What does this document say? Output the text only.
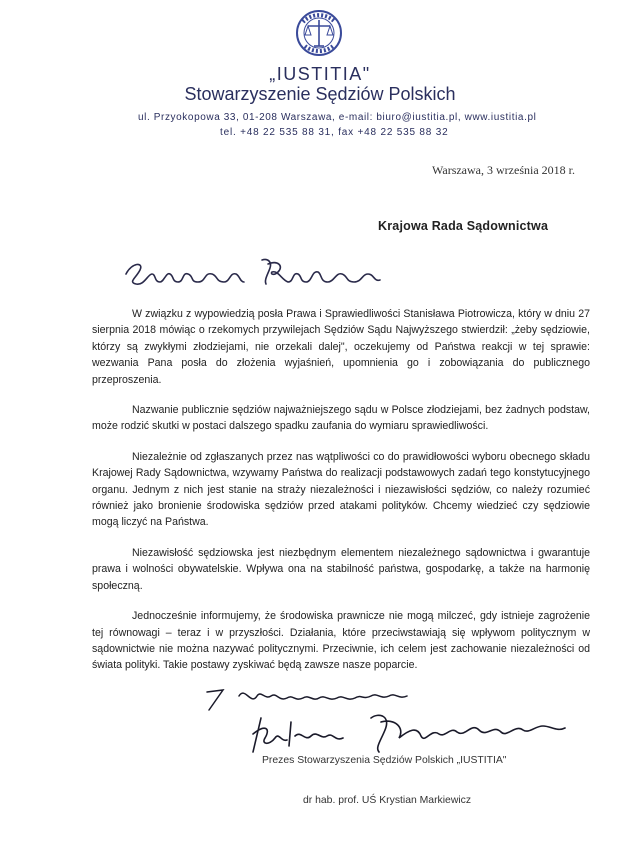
„IUSTITIA"
Stowarzyszenie Sędziów Polskich
ul. Przyokopowa 33, 01-208 Warszawa, e-mail: biuro@iustitia.pl, www.iustitia.pl
tel. +48 22 535 88 31, fax +48 22 535 88 32
Warszawa, 3 września 2018 r.
Krajowa Rada Sądownictwa

W związku z wypowiedzią posła Prawa i Sprawiedliwości Stanisława Piotrowicza, który w dniu 27 sierpnia 2018 mówiąc o rzekomych przywilejach Sędziów Sądu Najwyższego stwierdził: „żeby sędziowie, którzy są zwykłymi złodziejami, nie orzekali dalej", oczekujemy od Państwa reakcji w tej sprawie: wezwania Pana posła do złożenia wyjaśnień, upomnienia go i zobowiązania do publicznego przeproszenia.

Nazwanie publicznie sędziów najważniejszego sądu w Polsce złodziejami, bez żadnych podstaw, może rodzić skutki w postaci dalszego spadku zaufania do wymiaru sprawiedliwości.

Niezależnie od zgłaszanych przez nas wątpliwości co do prawidłowości wyboru obecnego składu Krajowej Rady Sądownictwa, wzywamy Państwa do realizacji podstawowych zadań tego konstytucyjnego organu. Jednym z nich jest stanie na straży niezależności i niezawisłości sędziów, co należy rozumieć również jako bronienie środowiska sędziów przed atakami polityków. Chcemy wiedzieć czy sędziowie mogą liczyć na Państwa.

Niezawisłość sędziowska jest niezbędnym elementem niezależnego sądownictwa i gwarantuje prawa i wolności obywatelskie. Wpływa ona na stabilność państwa, gospodarkę, a także na harmonię społeczną.

Jednocześnie informujemy, że środowiska prawnicze nie mogą milczeć, gdy istnieje zagrożenie tej równowagi – teraz i w przyszłości. Działania, które przeciwstawiają się wpływom politycznym w sądownictwie nie można nazywać politycznymi. Przeciwnie, ich celem jest zachowanie niezależności od świata polityki. Takie postawy zyskiwać będą zawsze nasze poparcie.

Prezes Stowarzyszenia Sędziów Polskich „IUSTITIA"
dr hab. prof. UŚ Krystian Markiewicz
